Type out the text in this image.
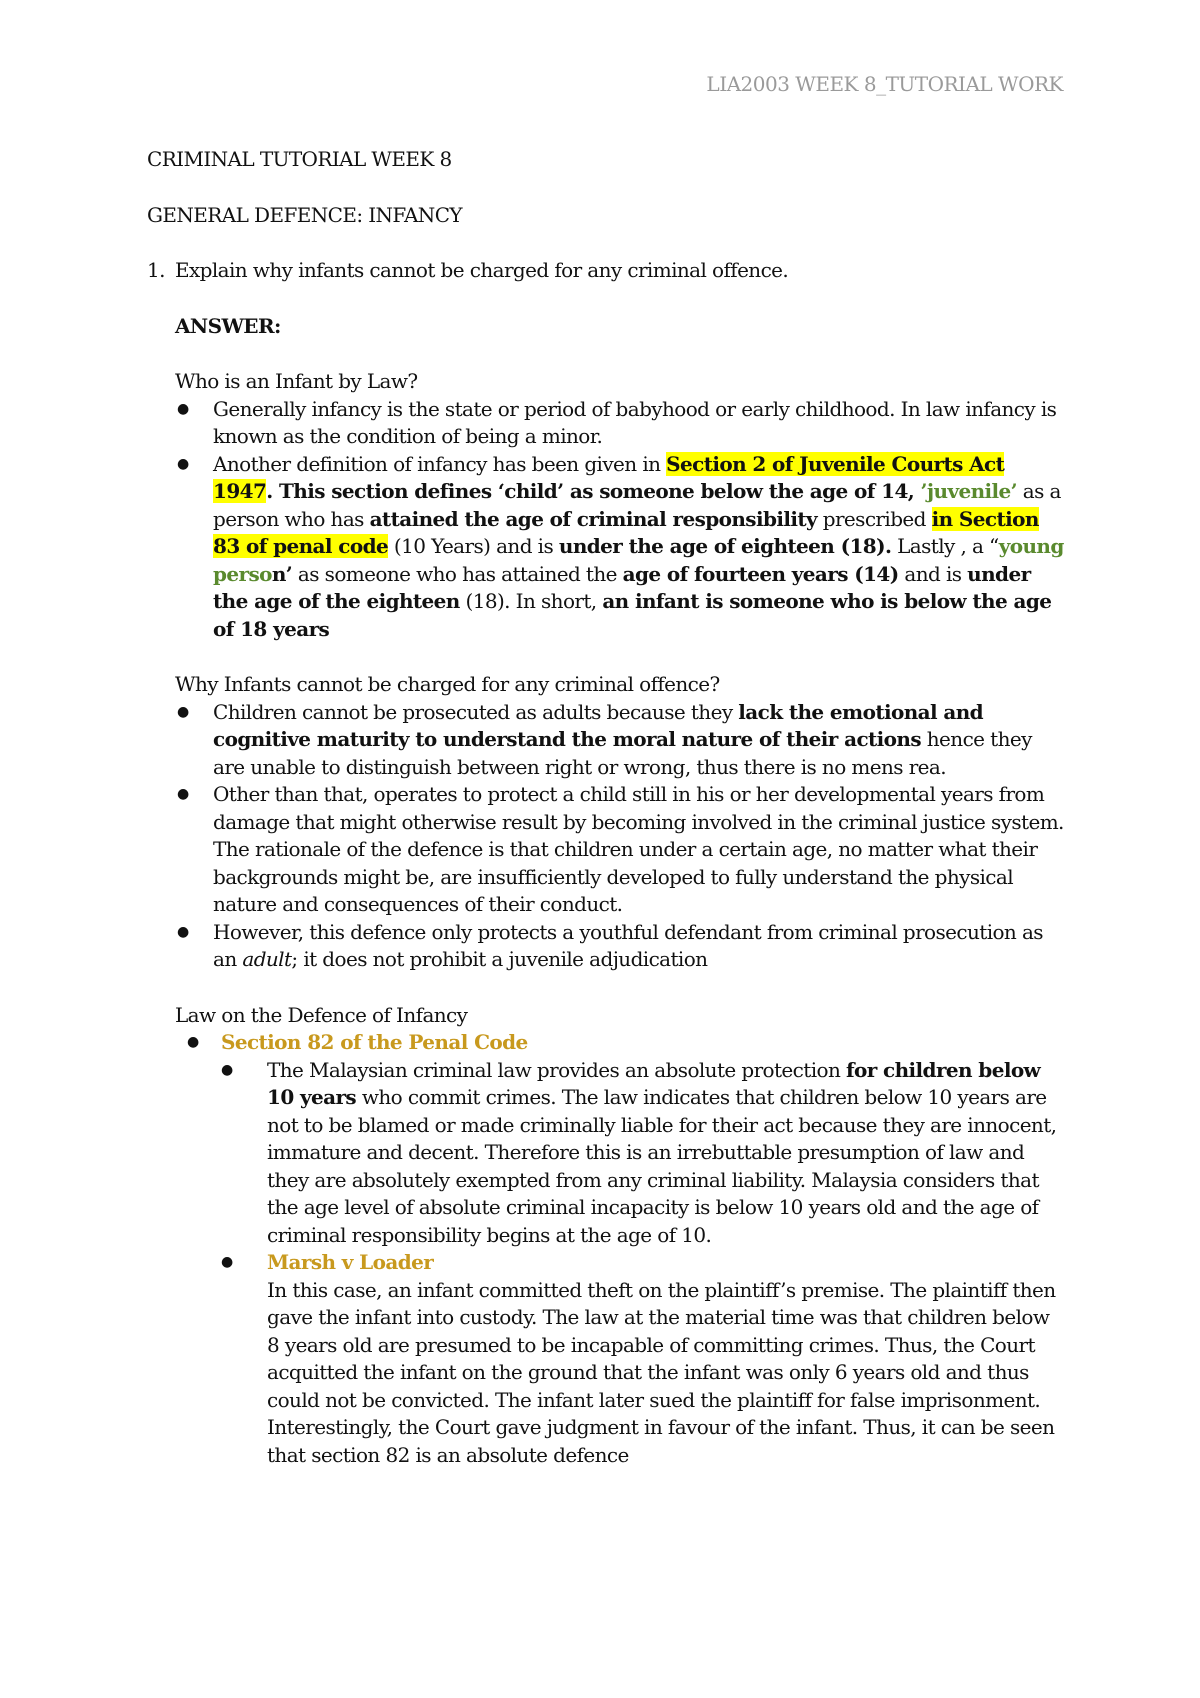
LIA2003 WEEK 8_TUTORIAL WORK

CRIMINAL TUTORIAL WEEK 8

GENERAL DEFENCE: INFANCY

1. Explain why infants cannot be charged for any criminal offence.

ANSWER:

Who is an Infant by Law?

● Generally infancy is the state or period of babyhood or early childhood. In law infancy is known as the condition of being a minor.
● Another definition of infancy has been given in Section 2 of Juvenile Courts Act 1947. This section defines ‘child’ as someone below the age of 14, ’juvenile’ as a person who has attained the age of criminal responsibility prescribed in Section 83 of penal code (10 Years) and is under the age of eighteen (18). Lastly , a “young person’ as someone who has attained the age of fourteen years (14) and is under the age of the eighteen (18). In short, an infant is someone who is below the age of 18 years

Why Infants cannot be charged for any criminal offence?

● Children cannot be prosecuted as adults because they lack the emotional and cognitive maturity to understand the moral nature of their actions hence they are unable to distinguish between right or wrong, thus there is no mens rea.
● Other than that, operates to protect a child still in his or her developmental years from damage that might otherwise result by becoming involved in the criminal justice system. The rationale of the defence is that children under a certain age, no matter what their backgrounds might be, are insufficiently developed to fully understand the physical nature and consequences of their conduct.
● However, this defence only protects a youthful defendant from criminal prosecution as an adult; it does not prohibit a juvenile adjudication

Law on the Defence of Infancy

● Section 82 of the Penal Code
● The Malaysian criminal law provides an absolute protection for children below 10 years who commit crimes. The law indicates that children below 10 years are not to be blamed or made criminally liable for their act because they are innocent, immature and decent. Therefore this is an irrebuttable presumption of law and they are absolutely exempted from any criminal liability. Malaysia considers that the age level of absolute criminal incapacity is below 10 years old and the age of criminal responsibility begins at the age of 10.
● Marsh v Loader
In this case, an infant committed theft on the plaintiff’s premise. The plaintiff then gave the infant into custody. The law at the material time was that children below 8 years old are presumed to be incapable of committing crimes. Thus, the Court acquitted the infant on the ground that the infant was only 6 years old and thus could not be convicted. The infant later sued the plaintiff for false imprisonment. Interestingly, the Court gave judgment in favour of the infant. Thus, it can be seen that section 82 is an absolute defence
